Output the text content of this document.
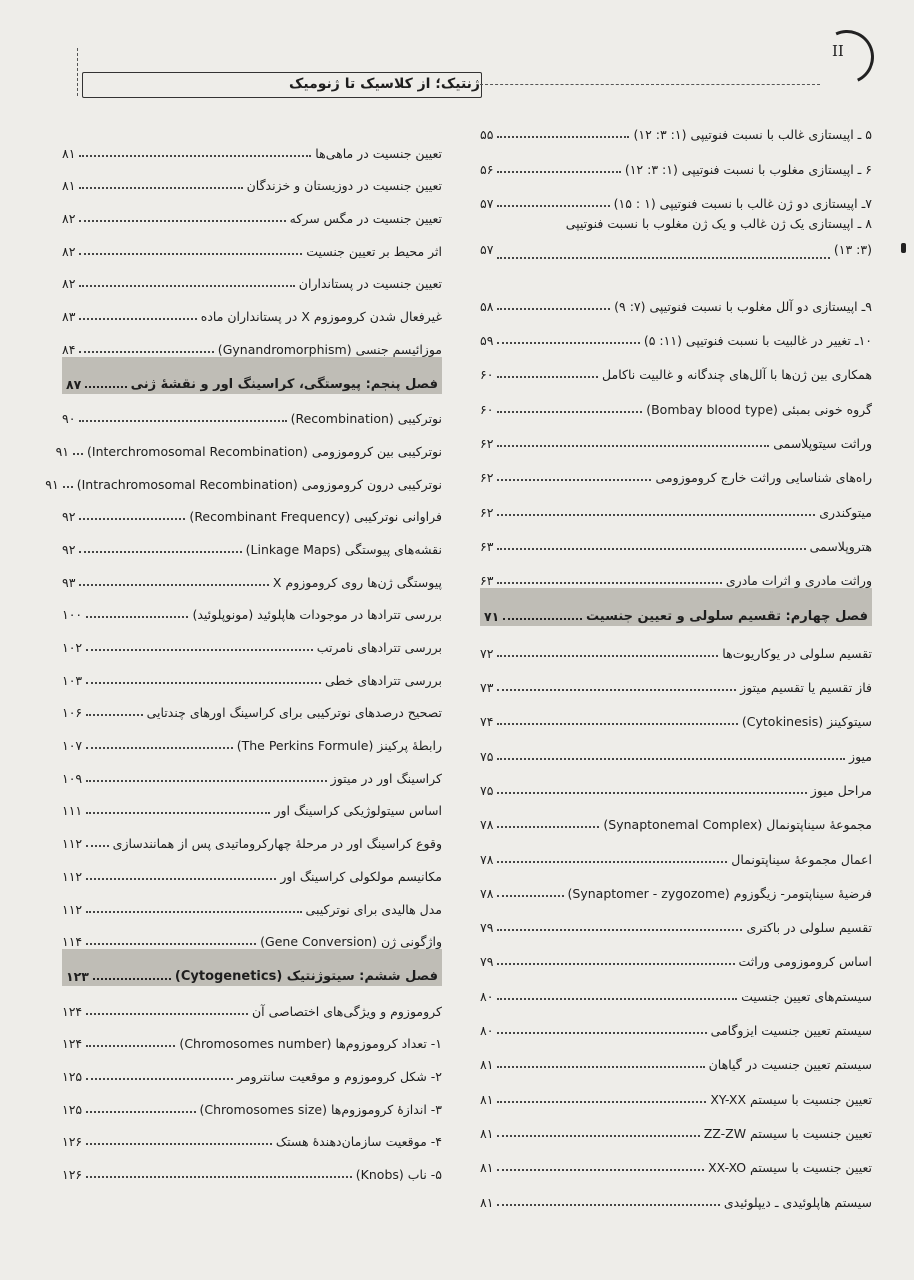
II
ژنتیک؛ از کلاسیک تا ژنومیک
۵ ـ اپیستازی غالب با نسبت فنوتیپی (۱: ۳: ۱۲)
۵۵
۶ ـ اپیستازی مغلوب با نسبت فنوتیپی (۱: ۳: ۱۲)
۵۶
۷ـ اپیستازی دو ژن غالب با نسبت فنوتیپی (۱ : ۱۵)
۵۷
۸ ـ اپیستازی یک ژن غالب و یک ژن مغلوب با نسبت فنوتیپی
(۳: ۱۳)
۵۷
۹ـ اپیستازی دو آلل مغلوب با نسبت فنوتیپی (۷: ۹)
۵۸
۱۰ـ تغییر در غالبیت با نسبت فنوتیپی (۱۱: ۵)
۵۹
همکاری بین ژن‌ها با آلل‌های چندگانه و غالبیت ناکامل
۶۰
گروه خونی بمبئی (Bombay blood type)
۶۰
وراثت سیتوپلاسمی
۶۲
راه‌های شناسایی وراثت خارج کروموزومی
۶۲
میتوکندری
۶۲
هتروپلاسمی
۶۳
وراثت مادری و اثرات مادری
۶۳
فصل چهارم: تقسیم سلولی و تعیین جنسیت
۷۱
تقسیم سلولی در یوکاریوت‌ها
۷۲
فاز تقسیم یا تقسیم میتوز
۷۳
سیتوکینز (Cytokinesis)
۷۴
میوز
۷۵
مراحل میوز
۷۵
مجموعهٔ سیناپتونمال (Synaptonemal Complex)
۷۸
اعمال مجموعهٔ سیناپتونمال
۷۸
فرضیهٔ سیناپتومر- زیگوزوم (Synaptomer - zygozome)
۷۸
تقسیم سلولی در باکتری
۷۹
اساس کروموزومی وراثت
۷۹
سیستم‌های تعیین جنسیت
۸۰
سیستم تعیین جنسیت ایزوگامی
۸۰
سیستم تعیین جنسیت در گیاهان
۸۱
تعیین جنسیت با سیستم XY-XX
۸۱
تعیین جنسیت با سیستم ZZ-ZW
۸۱
تعیین جنسیت با سیستم XX-XO
۸۱
سیستم هاپلوئیدی ـ دیپلوئیدی
۸۱
تعیین جنسیت در ماهی‌ها
۸۱
تعیین جنسیت در دوزیستان و خزندگان
۸۱
تعیین جنسیت در مگس سرکه
۸۲
اثر محیط بر تعیین جنسیت
۸۲
تعیین جنسیت در پستانداران
۸۲
غیرفعال شدن کروموزوم X در پستانداران ماده
۸۳
موزائیسم جنسی (Gynandromorphism)
۸۴
فصل پنجم: پیوستگی، کراسینگ اور و نقشهٔ ژنی
۸۷
نوترکیبی (Recombination)
۹۰
نوترکیبی بین کروموزومی (Interchromosomal Recombination)
۹۱
نوترکیبی درون کروموزومی (Intrachromosomal Recombination)
۹۱
فراوانی نوترکیبی (Recombinant Frequency)
۹۲
نقشه‌های پیوستگی (Linkage Maps)
۹۲
پیوستگی ژن‌ها روی کروموزوم X
۹۳
بررسی تترادها در موجودات هاپلوئید (مونوپلوئید)
۱۰۰
بررسی تترادهای نامرتب
۱۰۲
بررسی تترادهای خطی
۱۰۳
تصحیح درصدهای نوترکیبی برای کراسینگ اورهای چندتایی
۱۰۶
رابطهٔ پرکینز (The Perkins Formule)
۱۰۷
کراسینگ اور در میتوز
۱۰۹
اساس سیتولوژیکی کراسینگ اور
۱۱۱
وقوع کراسینگ اور در مرحلهٔ چهارکروماتیدی پس از همانندسازی
۱۱۲
مکانیسم مولکولی کراسینگ اور
۱۱۲
مدل هالیدی برای نوترکیبی
۱۱۲
واژگونی ژن (Gene Conversion)
۱۱۴
فصل ششم: سیتوژنتیک (Cytogenetics)
۱۲۳
کروموزوم و ویژگی‌های اختصاصی آن
۱۲۴
۱- تعداد کروموزوم‌ها (Chromosomes number)
۱۲۴
۲- شکل کروموزوم و موقعیت سانترومر
۱۲۵
۳- اندازهٔ کروموزوم‌ها (Chromosomes size)
۱۲۵
۴- موقعیت سازمان‌دهندهٔ هستک
۱۲۶
۵- ناب (Knobs)
۱۲۶
